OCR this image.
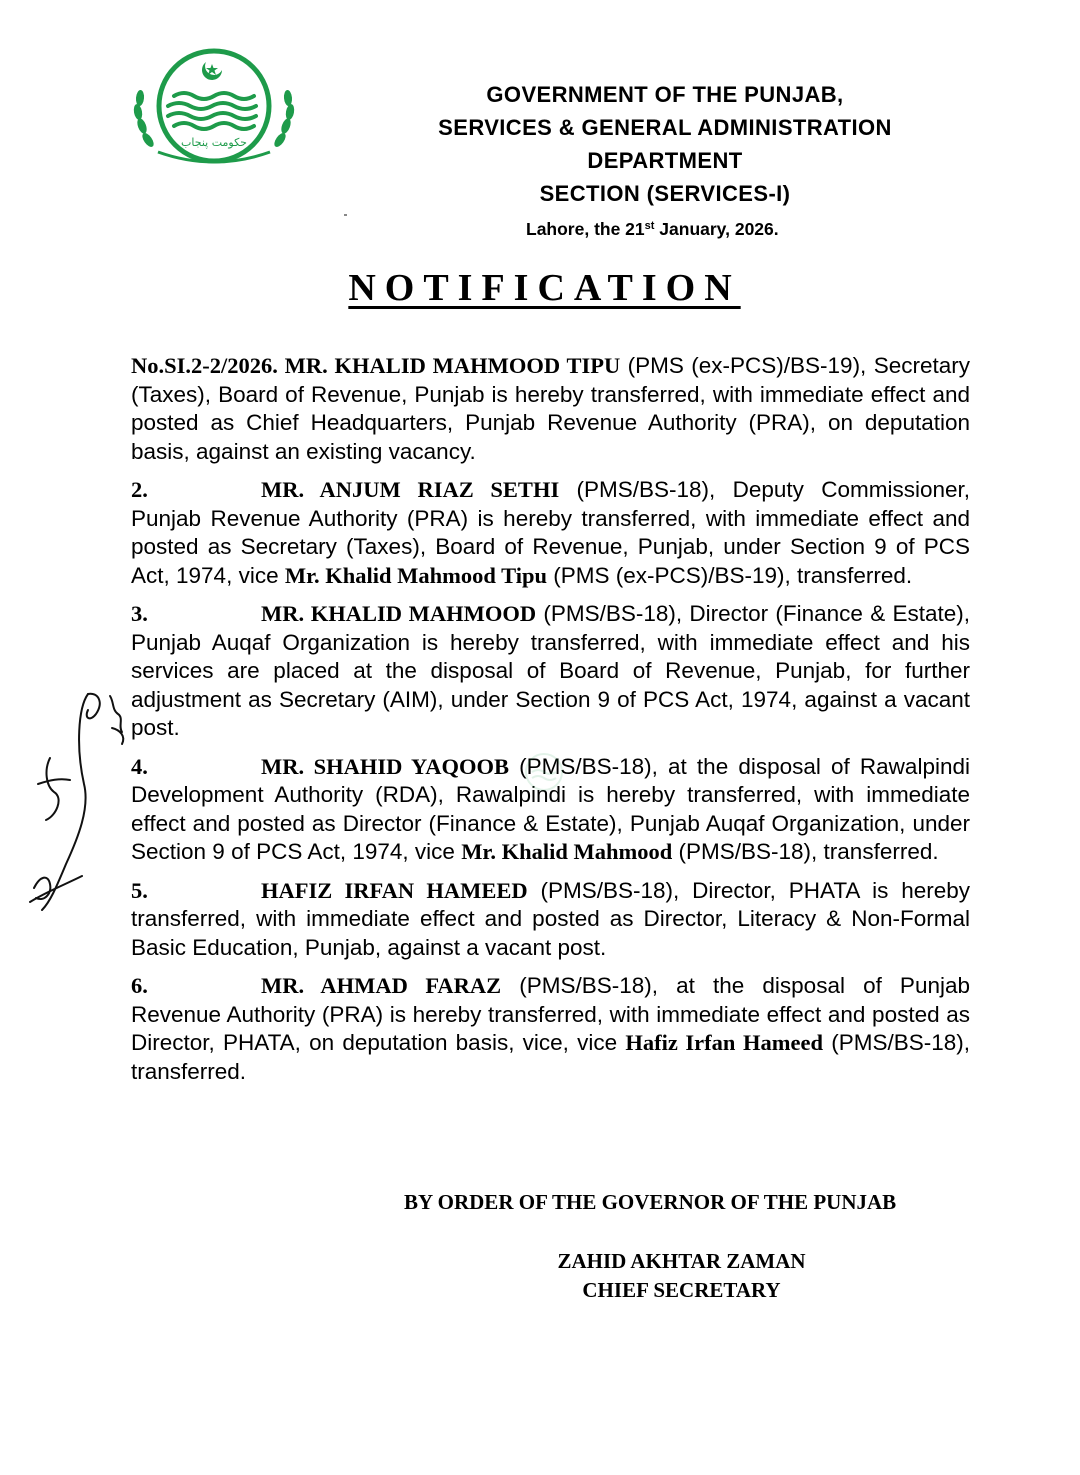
حکومت پنجاب
GOVERNMENT OF THE PUNJAB,
SERVICES & GENERAL ADMINISTRATION
DEPARTMENT
SECTION (SERVICES-I)
Lahore, the 21st January, 2026.
NOTIFICATION

No.SI.2-2/2026. MR. KHALID MAHMOOD TIPU (PMS (ex-PCS)/BS-19), Secretary (Taxes), Board of Revenue, Punjab is hereby transferred, with immediate effect and posted as Chief Headquarters, Punjab Revenue Authority (PRA), on deputation basis, against an existing vacancy.

2.	MR. ANJUM RIAZ SETHI (PMS/BS-18), Deputy Commissioner, Punjab Revenue Authority (PRA) is hereby transferred, with immediate effect and posted as Secretary (Taxes), Board of Revenue, Punjab, under Section 9 of PCS Act, 1974, vice Mr. Khalid Mahmood Tipu (PMS (ex-PCS)/BS-19), transferred.

3.	MR. KHALID MAHMOOD (PMS/BS-18), Director (Finance & Estate), Punjab Auqaf Organization is hereby transferred, with immediate effect and his services are placed at the disposal of Board of Revenue, Punjab, for further adjustment as Secretary (AIM), under Section 9 of PCS Act, 1974, against a vacant post.

4.	MR. SHAHID YAQOOB (PMS/BS-18), at the disposal of Rawalpindi Development Authority (RDA), Rawalpindi is hereby transferred, with immediate effect and posted as Director (Finance & Estate), Punjab Auqaf Organization, under Section 9 of PCS Act, 1974, vice Mr. Khalid Mahmood (PMS/BS-18), transferred.

5.	HAFIZ IRFAN HAMEED (PMS/BS-18), Director, PHATA is hereby transferred, with immediate effect and posted as Director, Literacy & Non-Formal Basic Education, Punjab, against a vacant post.

6.	MR. AHMAD FARAZ (PMS/BS-18), at the disposal of Punjab Revenue Authority (PRA) is hereby transferred, with immediate effect and posted as Director, PHATA, on deputation basis, vice, vice Hafiz Irfan Hameed (PMS/BS-18), transferred.

BY ORDER OF THE GOVERNOR OF THE PUNJAB
ZAHID AKHTAR ZAMAN
CHIEF SECRETARY
